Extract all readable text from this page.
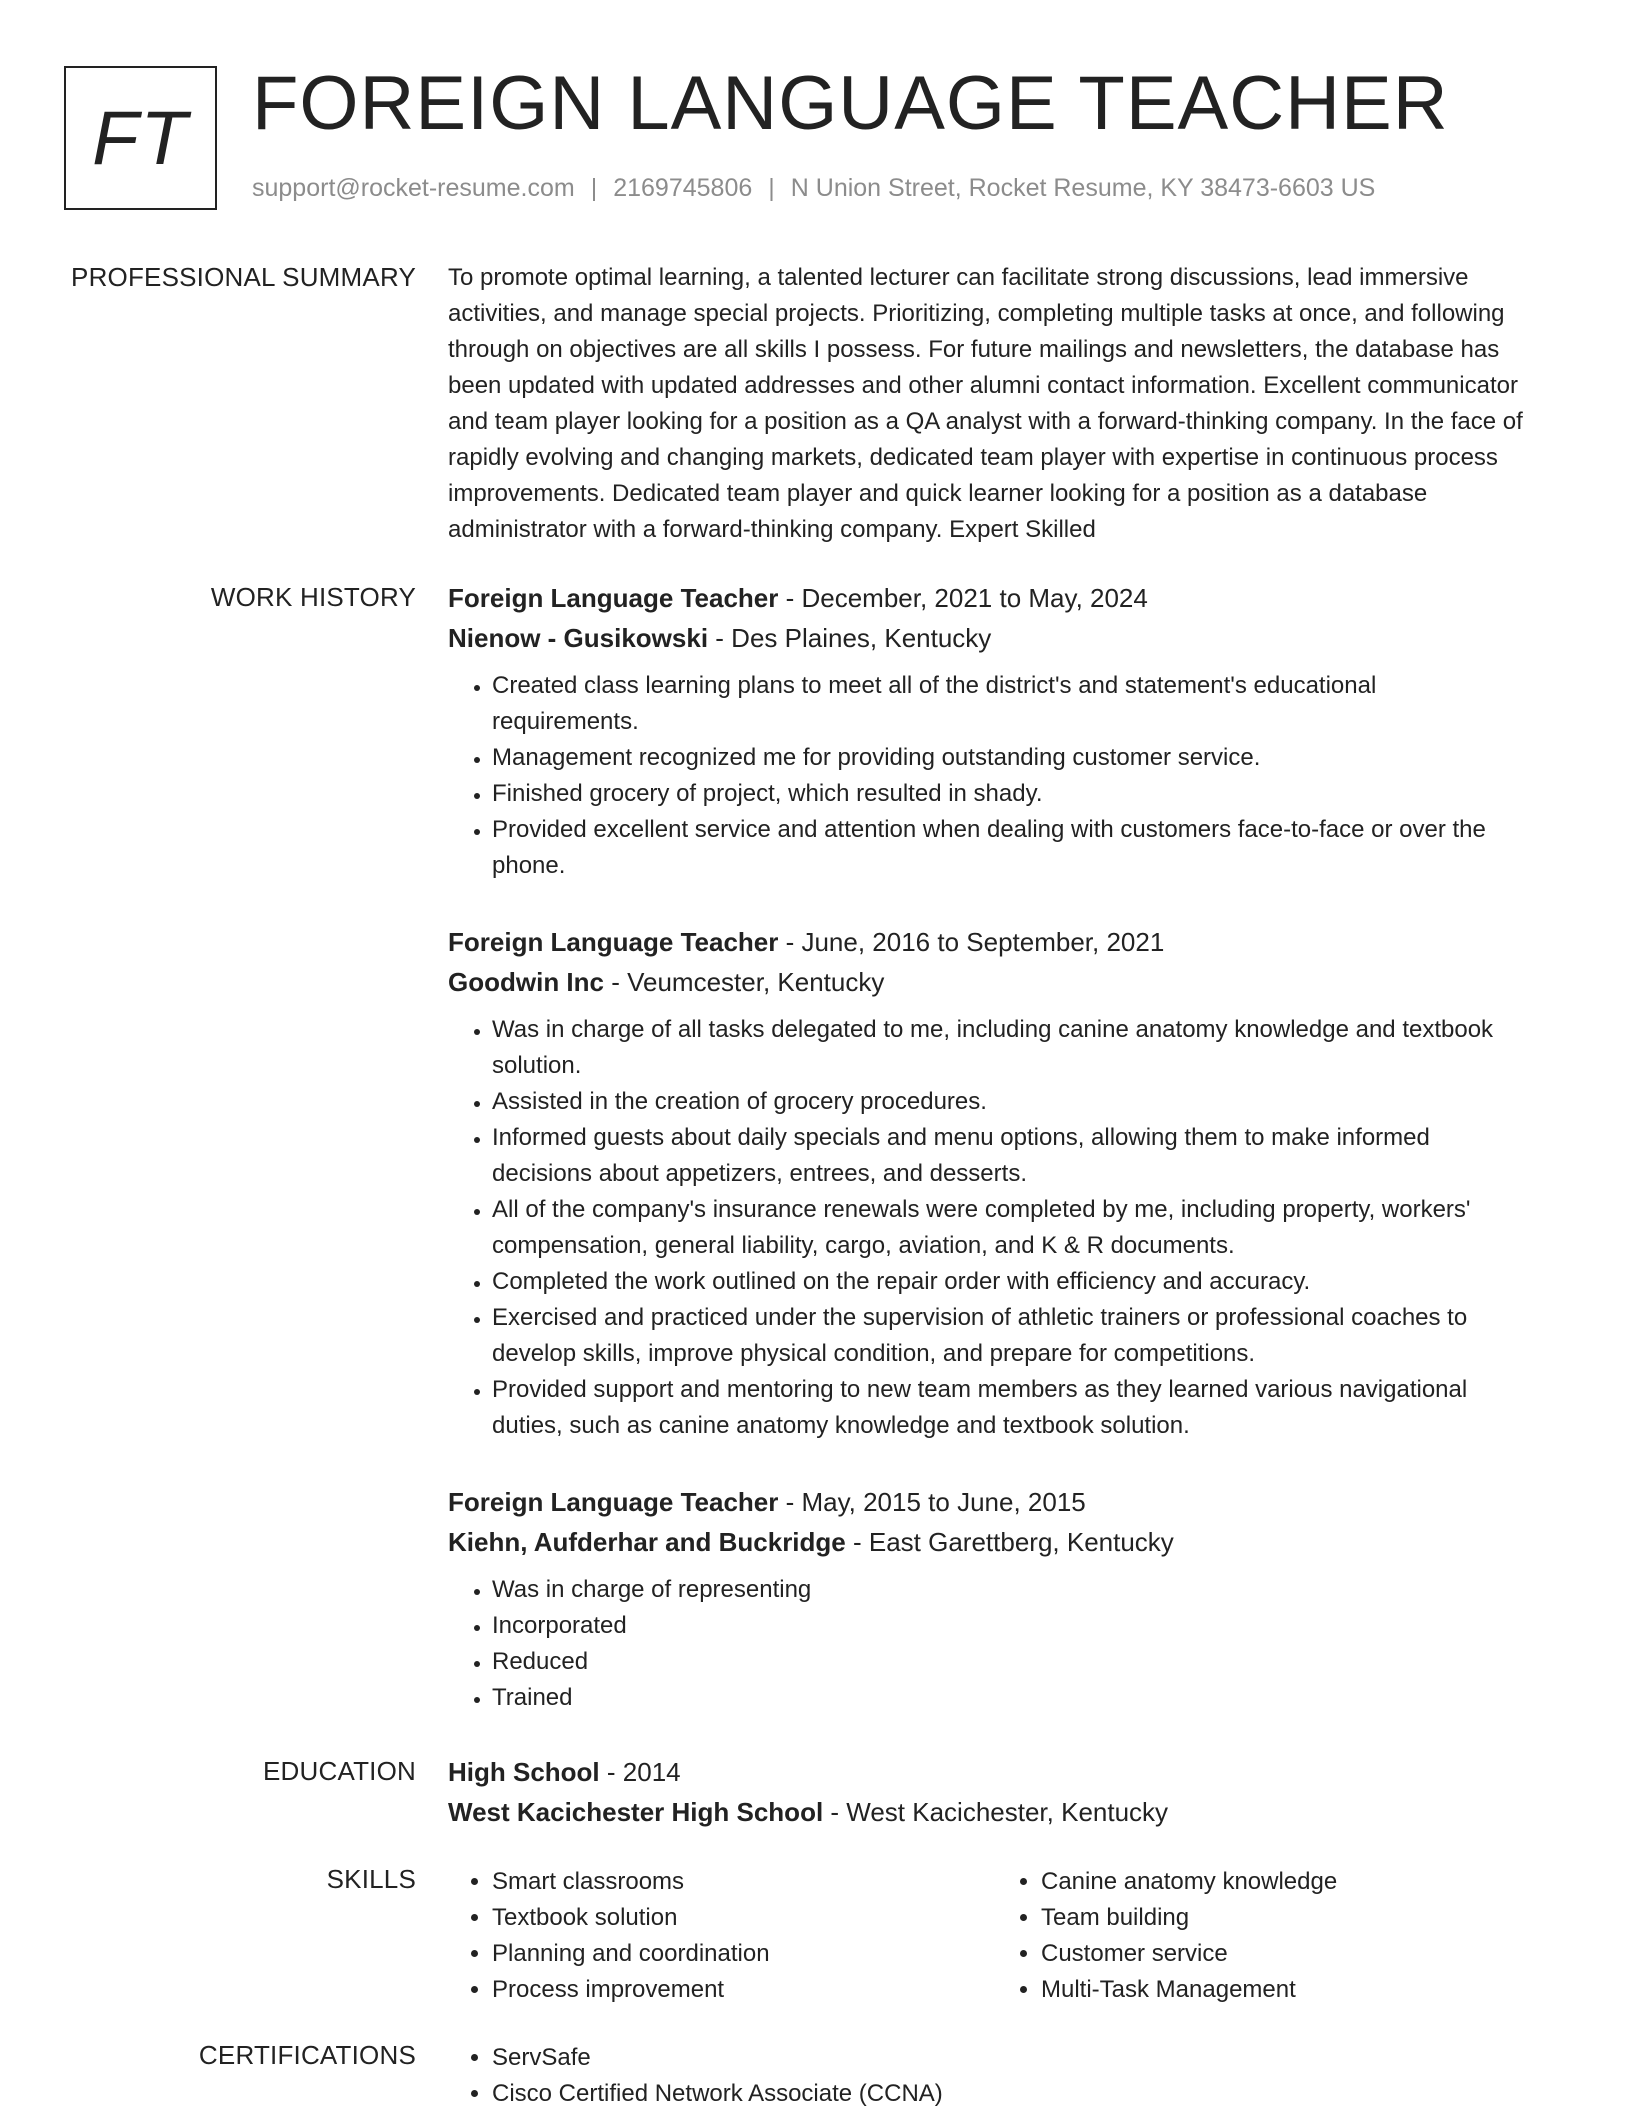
FT FOREIGN LANGUAGE TEACHER
support@rocket-resume.com | 2169745806 | N Union Street, Rocket Resume, KY 38473-6603 US
PROFESSIONAL SUMMARY To promote optimal learning, a talented lecturer can facilitate strong discussions, lead immersive
activities, and manage special projects. Prioritizing, completing multiple tasks at once, and following
through on objectives are all skills I possess. For future mailings and newsletters, the database has
been updated with updated addresses and other alumni contact information. Excellent communicator
and team player looking for a position as a QA analyst with a forward-thinking company. In the face of
rapidly evolving and changing markets, dedicated team player with expertise in continuous process
improvements. Dedicated team player and quick learner looking for a position as a database
administrator with a forward-thinking company. Expert Skilled
WORK HISTORY Foreign Language Teacher - December, 2021 to May, 2024
Nienow - Gusikowski - Des Plaines, Kentucky
• Created class learning plans to meet all of the district's and statement's educational
requirements.
• Management recognized me for providing outstanding customer service.
• Finished grocery of project, which resulted in shady.
• Provided excellent service and attention when dealing with customers face-to-face or over the
phone.
Foreign Language Teacher - June, 2016 to September, 2021
Goodwin Inc - Veumcester, Kentucky
• Was in charge of all tasks delegated to me, including canine anatomy knowledge and textbook
solution.
• Assisted in the creation of grocery procedures.
• Informed guests about daily specials and menu options, allowing them to make informed
decisions about appetizers, entrees, and desserts.
• All of the company's insurance renewals were completed by me, including property, workers'
compensation, general liability, cargo, aviation, and K & R documents.
• Completed the work outlined on the repair order with efficiency and accuracy.
• Exercised and practiced under the supervision of athletic trainers or professional coaches to
develop skills, improve physical condition, and prepare for competitions.
• Provided support and mentoring to new team members as they learned various navigational
duties, such as canine anatomy knowledge and textbook solution.
Foreign Language Teacher - May, 2015 to June, 2015
Kiehn, Aufderhar and Buckridge - East Garettberg, Kentucky
• Was in charge of representing
• Incorporated
• Reduced
• Trained
EDUCATION High School - 2014
West Kacichester High School - West Kacichester, Kentucky
SKILLS	• Smart classrooms
• Textbook solution
• Planning and coordination
• Process improvement
• Canine anatomy knowledge
• Team building
• Customer service
• Multi-Task Management
CERTIFICATIONS	• ServSafe
• Cisco Certified Network Associate (CCNA)
